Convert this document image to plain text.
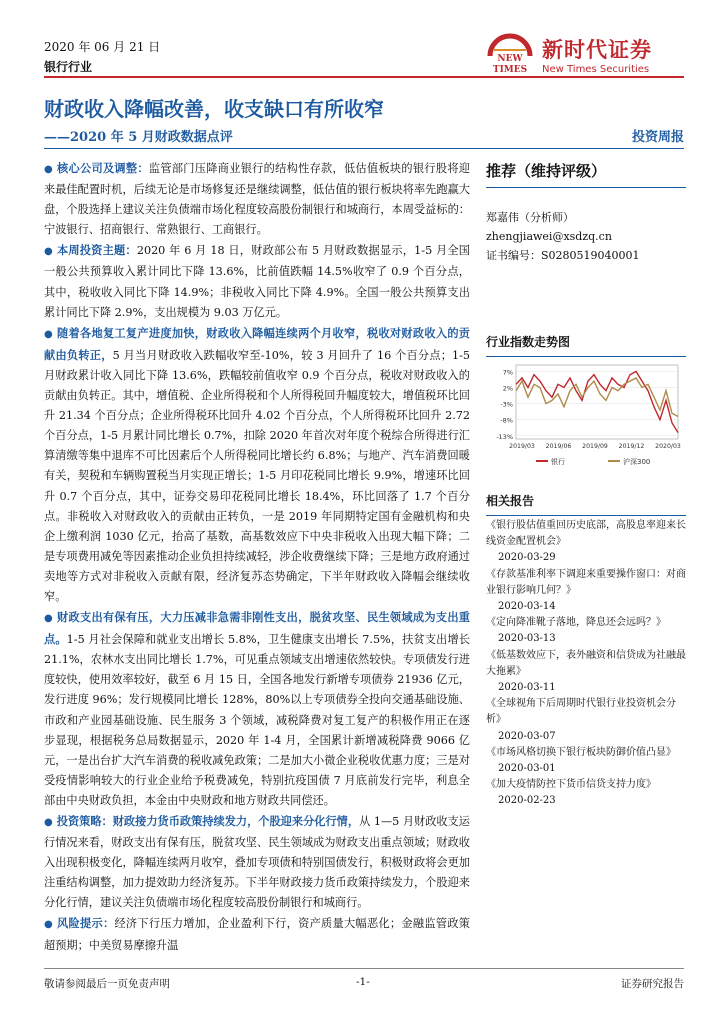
2020 年 06 月 21 日
银行行业
NEW
TIMES
新时代证券
New Times Securities
财政收入降幅改善，收支缺口有所收窄
——2020 年 5 月财政数据点评	投资周报

● 核心公司及调整：监管部门压降商业银行的结构性存款，低估值板块的银行股将迎来最佳配置时机，后续无论是市场修复还是继续调整，低估值的银行板块将率先跑赢大盘，个股选择上建议关注负债端市场化程度较高股份制银行和城商行，本周受益标的：宁波银行、招商银行、常熟银行、工商银行。

● 本周投资主题：2020 年 6 月 18 日，财政部公布 5 月财政数据显示，1-5 月全国一般公共预算收入累计同比下降 13.6%，比前值跌幅 14.5%收窄了 0.9 个百分点，其中，税收收入同比下降 14.9%；非税收入同比下降 4.9%。全国一般公共预算支出累计同比下降 2.9%，支出规模为 9.03 万亿元。

● 随着各地复工复产进度加快，财政收入降幅连续两个月收窄，税收对财政收入的贡献由负转正，5 月当月财政收入跌幅收窄至-10%，较 3 月回升了 16 个百分点；1-5 月财政累计收入同比下降 13.6%，跌幅较前值收窄 0.9 个百分点，税收对财政收入的贡献由负转正。其中，增值税、企业所得税和个人所得税回升幅度较大，增值税环比回升 21.34 个百分点；企业所得税环比回升 4.02 个百分点，个人所得税环比回升 2.72 个百分点，1-5 月累计同比增长 0.7%，扣除 2020 年首次对年度个税综合所得进行汇算清缴等集中退库不可比因素后个人所得税同比增长约 6.8%；与地产、汽车消费回暖有关，契税和车辆购置税当月实现正增长；1-5 月印花税同比增长 9.9%，增速环比回升 0.7 个百分点，其中，证券交易印花税同比增长 18.4%，环比回落了 1.7 个百分点。非税收入对财政收入的贡献由正转负，一是 2019 年同期特定国有金融机构和央企上缴利润 1030 亿元，抬高了基数，高基数效应下中央非税收入出现大幅下降；二是专项费用减免等因素推动企业负担持续减轻，涉企收费继续下降；三是地方政府通过卖地等方式对非税收入贡献有限，经济复苏态势确定，下半年财政收入降幅会继续收窄。

● 财政支出有保有压，大力压减非急需非刚性支出，脱贫攻坚、民生领域成为支出重点。1-5 月社会保障和就业支出增长 5.8%，卫生健康支出增长 7.5%，扶贫支出增长 21.1%，农林水支出同比增长 1.7%，可见重点领域支出增速依然较快。专项债发行进度较快，使用效率较好，截至 6 月 15 日，全国各地发行新增专项债券 21936 亿元，发行进度 96%；发行规模同比增长 128%，80%以上专项债券全投向交通基础设施、市政和产业园基础设施、民生服务 3 个领域，减税降费对复工复产的积极作用正在逐步显现，根据税务总局数据显示，2020 年 1-4 月，全国累计新增减税降费 9066 亿元，一是出台扩大汽车消费的税收减免政策；二是加大小微企业税收优惠力度；三是对受疫情影响较大的行业企业给予税费减免，特别抗疫国债 7 月底前发行完毕，利息全部由中央财政负担，本金由中央财政和地方财政共同偿还。

● 投资策略：财政接力货币政策持续发力，个股迎来分化行情，从 1—5 月财政收支运行情况来看，财政支出有保有压，脱贫攻坚、民生领域成为财政支出重点领域；财政收入出现积极变化，降幅连续两月收窄，叠加专项债和特别国债发行，积极财政将会更加注重结构调整，加力提效助力经济复苏。下半年财政接力货币政策持续发力，个股迎来分化行情，建议关注负债端市场化程度较高股份制银行和城商行。

● 风险提示：经济下行压力增加，企业盈利下行，资产质量大幅恶化；金融监管政策超预期；中美贸易摩擦升温

推荐（维持评级）
郑嘉伟（分析师）
zhengjiawei@xsdzq.cn
证书编号：S0280519040001
行业指数走势图
7%
2%
-3%
-8%
-13%
2019/03 2019/06 2019/09 2019/12 2020/03
银行	沪深300
相关报告

《银行股估值重回历史底部，高股息率迎来长线资金配置机会》

2020-03-29

《存款基准利率下调迎来重要操作窗口：对商业银行影响几何？》

2020-03-14

《定向降准靴子落地，降息还会远吗？》

2020-03-13

《低基数效应下，表外融资和信贷成为社融最大拖累》

2020-03-11

《全球视角下后周期时代银行业投资机会分析》

2020-03-07

《市场风格切换下银行板块防御价值凸显》

2020-03-01

《加大疫情防控下货币信贷支持力度》

2020-02-23

敬请参阅最后一页免责声明	-1-	证券研究报告
